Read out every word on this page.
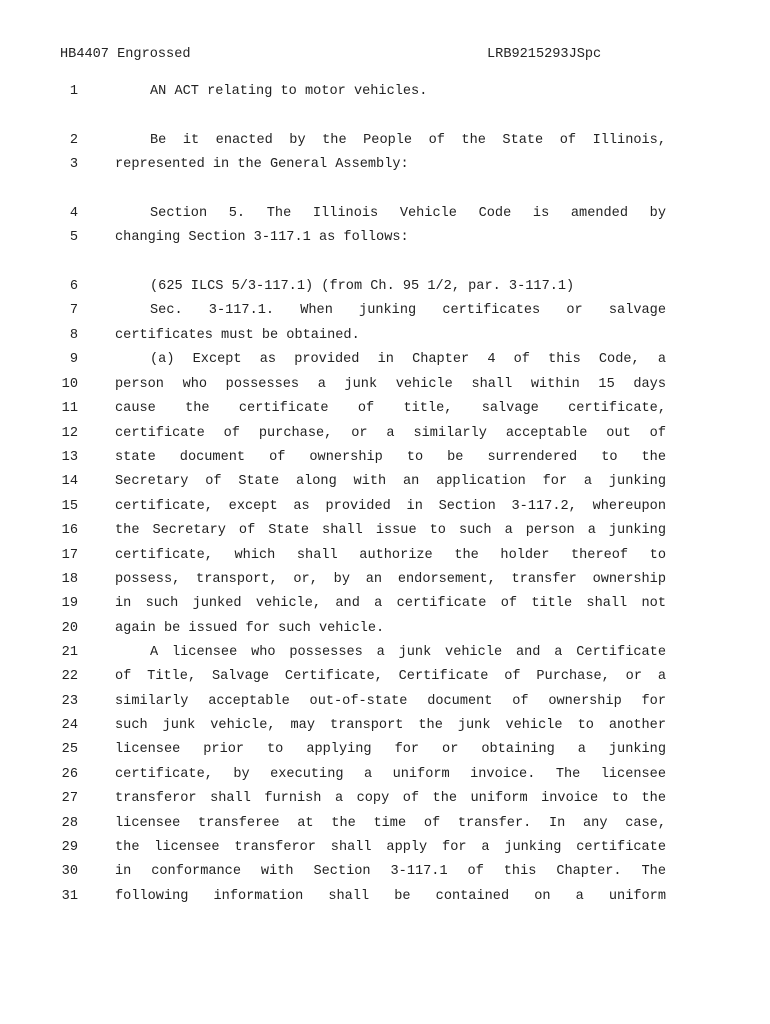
HB4407 Engrossed	LRB9215293JSpc
1	AN ACT relating to motor vehicles.
2	Be it enacted by the People of the State of Illinois,
3	represented in the General Assembly:
4	Section 5. The Illinois Vehicle Code is amended by
5	changing Section 3-117.1 as follows:
6	(625 ILCS 5/3-117.1) (from Ch. 95 1/2, par. 3-117.1)
7	Sec. 3-117.1. When junking certificates or salvage
8	certificates must be obtained.
9	(a) Except as provided in Chapter 4 of this Code, a
10	person who possesses a junk vehicle shall within 15 days
11	cause the certificate of title, salvage certificate,
12	certificate of purchase, or a similarly acceptable out of
13	state document of ownership to be surrendered to the
14	Secretary of State along with an application for a junking
15	certificate, except as provided in Section 3-117.2, whereupon
16	the Secretary of State shall issue to such a person a junking
17	certificate, which shall authorize the holder thereof to
18	possess, transport, or, by an endorsement, transfer ownership
19	in such junked vehicle, and a certificate of title shall not
20	again be issued for such vehicle.
21	A licensee who possesses a junk vehicle and a Certificate
22	of Title, Salvage Certificate, Certificate of Purchase, or a
23	similarly acceptable out-of-state document of ownership for
24	such junk vehicle, may transport the junk vehicle to another
25	licensee prior to applying for or obtaining a junking
26	certificate, by executing a uniform invoice. The licensee
27	transferor shall furnish a copy of the uniform invoice to the
28	licensee transferee at the time of transfer. In any case,
29	the licensee transferor shall apply for a junking certificate
30	in conformance with Section 3-117.1 of this Chapter. The
31	following information shall be contained on a uniform
